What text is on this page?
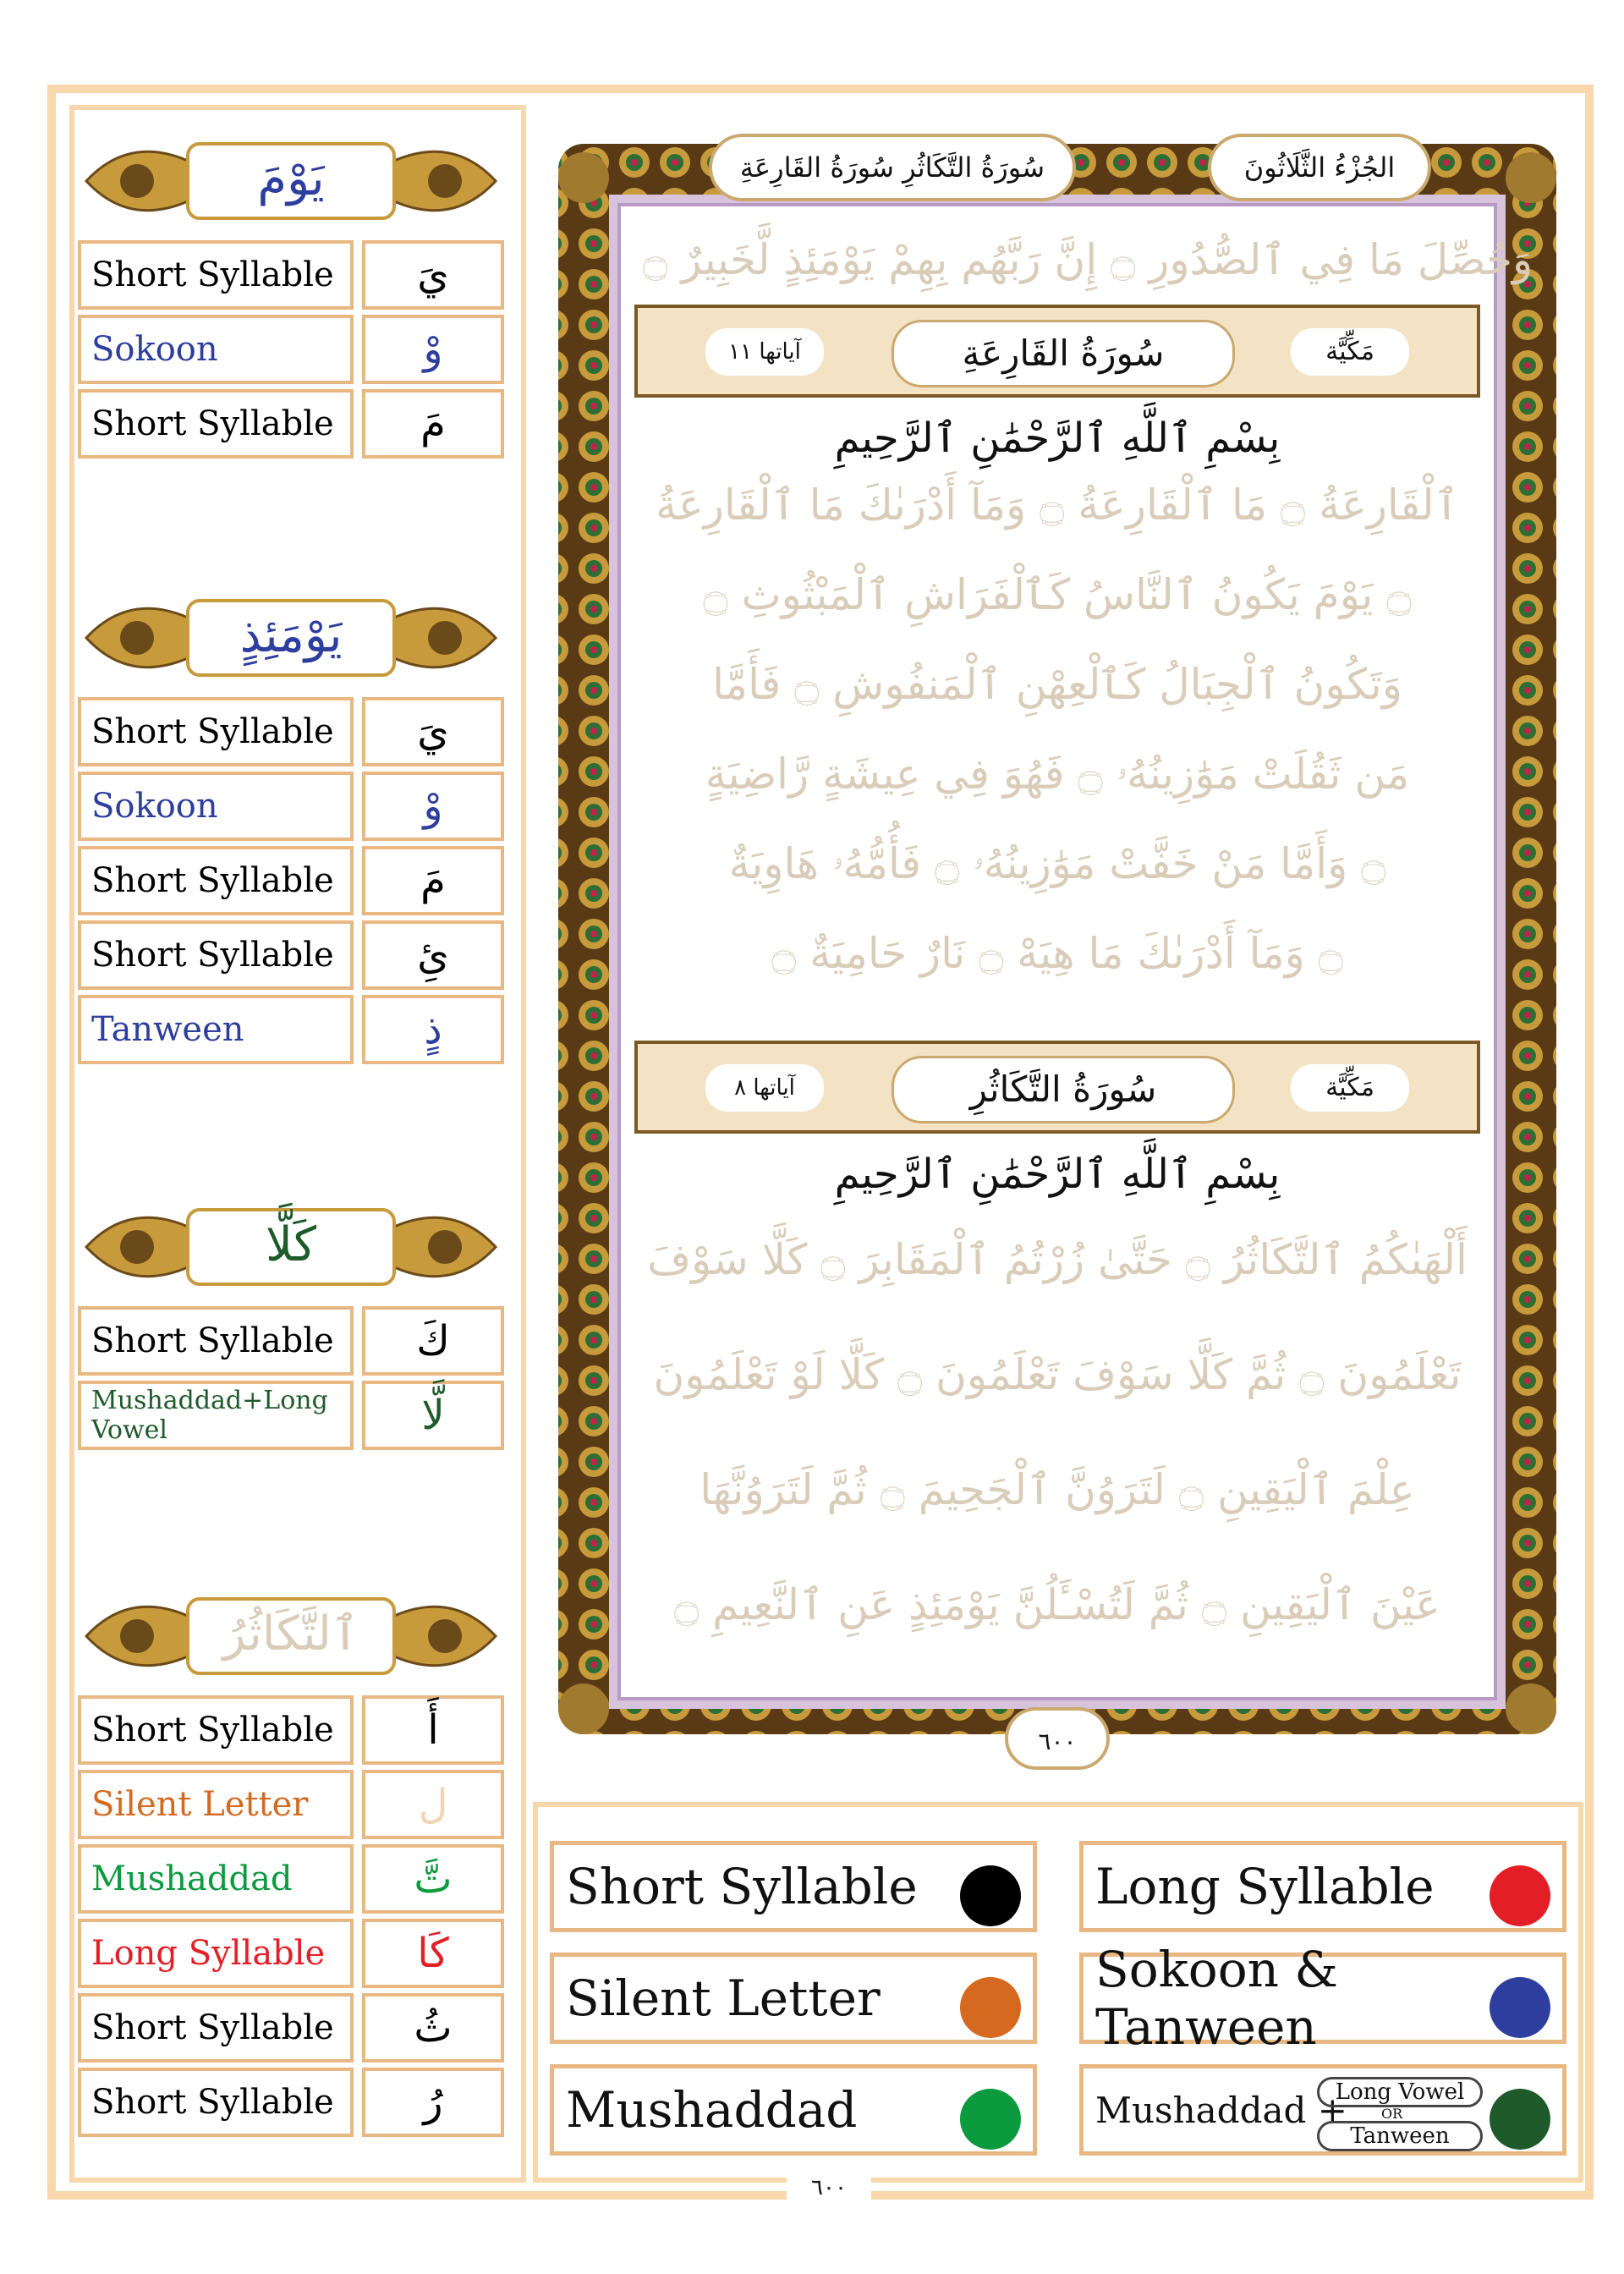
يَوْمَ
Short Syllable	يَ
Sokoon	وْ
Short Syllable	مَ
يَوْمَئِذٍ
Short Syllable	يَ
Sokoon	وْ
Short Syllable	مَ
Short Syllable	ئِ
Tanween	ذٍ
كَلَّا
Short Syllable	كَ
Mushaddad+Long Vowel	لَّا
ٱلتَّكَاثُرُ
Short Syllable	أَ
Silent Letter	ل
Mushaddad	تَّ
Long Syllable	كَا
Short Syllable	ثُ
Short Syllable	رُ
سُورَةُ التَّكَاثُرِ سُورَةُ القَارِعَةِ	الجُزْءُ الثَّلَاثُونَ
وَحُصِّلَ مَا فِي ٱلصُّدُورِ ۝ إِنَّ رَبَّهُم بِهِمْ يَوْمَئِذٍ لَّخَبِيرٌ ۝
آياتها ١١	سُورَةُ القَارِعَةِ	مَكِّيَّة
بِسْمِ ٱللَّهِ ٱلرَّحْمَٰنِ ٱلرَّحِيمِ
ٱلْقَارِعَةُ ۝ مَا ٱلْقَارِعَةُ ۝ وَمَآ أَدْرَىٰكَ مَا ٱلْقَارِعَةُ
۝ يَوْمَ يَكُونُ ٱلنَّاسُ كَٱلْفَرَاشِ ٱلْمَبْثُوثِ ۝
وَتَكُونُ ٱلْجِبَالُ كَٱلْعِهْنِ ٱلْمَنفُوشِ ۝ فَأَمَّا
مَن ثَقُلَتْ مَوَٰزِينُهُۥ ۝ فَهُوَ فِي عِيشَةٍ رَّاضِيَةٍ
۝ وَأَمَّا مَنْ خَفَّتْ مَوَٰزِينُهُۥ ۝ فَأُمُّهُۥ هَاوِيَةٌ
۝ وَمَآ أَدْرَىٰكَ مَا هِيَهْ ۝ نَارٌ حَامِيَةٌ ۝
آياتها ٨	سُورَةُ التَّكَاثُرِ	مَكِّيَّة
بِسْمِ ٱللَّهِ ٱلرَّحْمَٰنِ ٱلرَّحِيمِ
أَلْهَىٰكُمُ ٱلتَّكَاثُرُ ۝ حَتَّىٰ زُرْتُمُ ٱلْمَقَابِرَ ۝ كَلَّا سَوْفَ
تَعْلَمُونَ ۝ ثُمَّ كَلَّا سَوْفَ تَعْلَمُونَ ۝ كَلَّا لَوْ تَعْلَمُونَ
عِلْمَ ٱلْيَقِينِ ۝ لَتَرَوُنَّ ٱلْجَحِيمَ ۝ ثُمَّ لَتَرَوُنَّهَا
عَيْنَ ٱلْيَقِينِ ۝ ثُمَّ لَتُسْـَٔلُنَّ يَوْمَئِذٍ عَنِ ٱلنَّعِيمِ ۝
٦٠٠
Short Syllable	Long Syllable
Silent Letter	Sokoon & Tanween
Mushaddad	Mushaddad +
Long Vowel
OR
Tanween
٦٠٠
